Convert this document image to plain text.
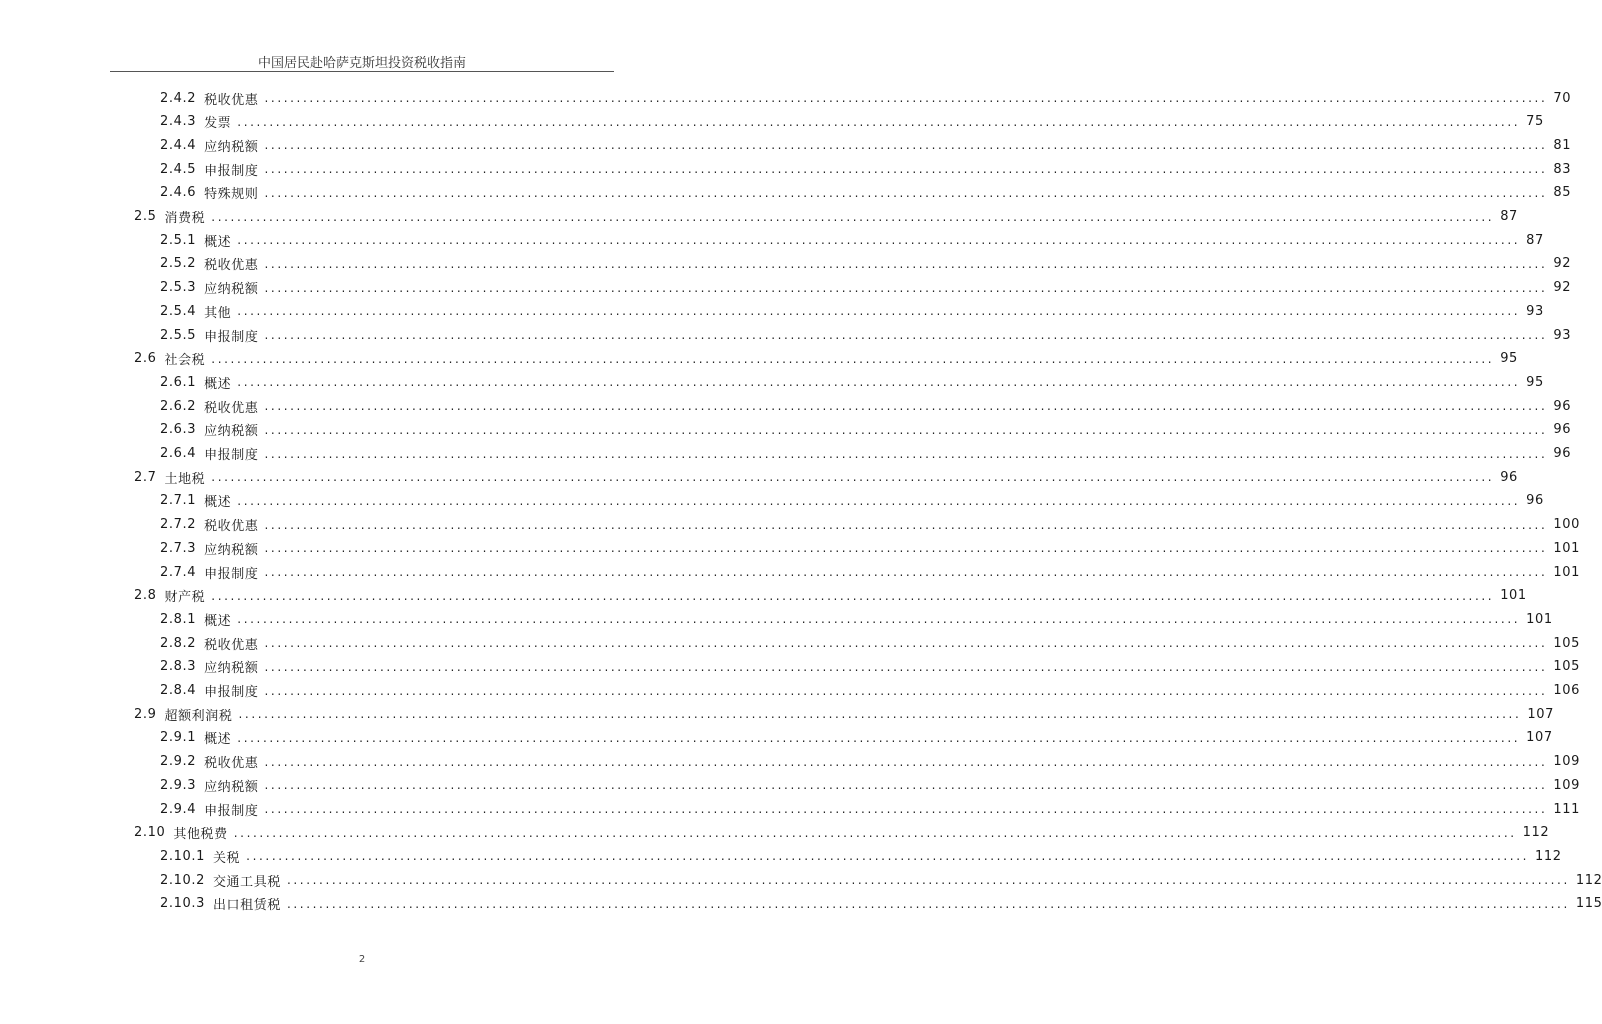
中国居民赴哈萨克斯坦投资税收指南
2.4.2 税收优惠 ........................................................................................................................................................................................................ 70
2.4.3 发票 ........................................................................................................................................................................................................ 75
2.4.4 应纳税额 ........................................................................................................................................................................................................ 81
2.4.5 申报制度 ........................................................................................................................................................................................................ 83
2.4.6 特殊规则 ........................................................................................................................................................................................................ 85
2.5 消费税 ........................................................................................................................................................................................................ 87
2.5.1 概述 ........................................................................................................................................................................................................ 87
2.5.2 税收优惠 ........................................................................................................................................................................................................ 92
2.5.3 应纳税额 ........................................................................................................................................................................................................ 92
2.5.4 其他 ........................................................................................................................................................................................................ 93
2.5.5 申报制度 ........................................................................................................................................................................................................ 93
2.6 社会税 ........................................................................................................................................................................................................ 95
2.6.1 概述 ........................................................................................................................................................................................................ 95
2.6.2 税收优惠 ........................................................................................................................................................................................................ 96
2.6.3 应纳税额 ........................................................................................................................................................................................................ 96
2.6.4 申报制度 ........................................................................................................................................................................................................ 96
2.7 土地税 ........................................................................................................................................................................................................ 96
2.7.1 概述 ........................................................................................................................................................................................................ 96
2.7.2 税收优惠 ........................................................................................................................................................................................................ 100
2.7.3 应纳税额 ........................................................................................................................................................................................................ 101
2.7.4 申报制度 ........................................................................................................................................................................................................ 101
2.8 财产税 ........................................................................................................................................................................................................ 101
2.8.1 概述 ........................................................................................................................................................................................................ 101
2.8.2 税收优惠 ........................................................................................................................................................................................................ 105
2.8.3 应纳税额 ........................................................................................................................................................................................................ 105
2.8.4 申报制度 ........................................................................................................................................................................................................ 106
2.9 超额利润税 ........................................................................................................................................................................................................ 107
2.9.1 概述 ........................................................................................................................................................................................................ 107
2.9.2 税收优惠 ........................................................................................................................................................................................................ 109
2.9.3 应纳税额 ........................................................................................................................................................................................................ 109
2.9.4 申报制度 ........................................................................................................................................................................................................ 111
2.10 其他税费 ........................................................................................................................................................................................................ 112
2.10.1 关税 ........................................................................................................................................................................................................ 112
2.10.2 交通工具税 ........................................................................................................................................................................................................ 112
2.10.3 出口租赁税 ........................................................................................................................................................................................................ 115
2
